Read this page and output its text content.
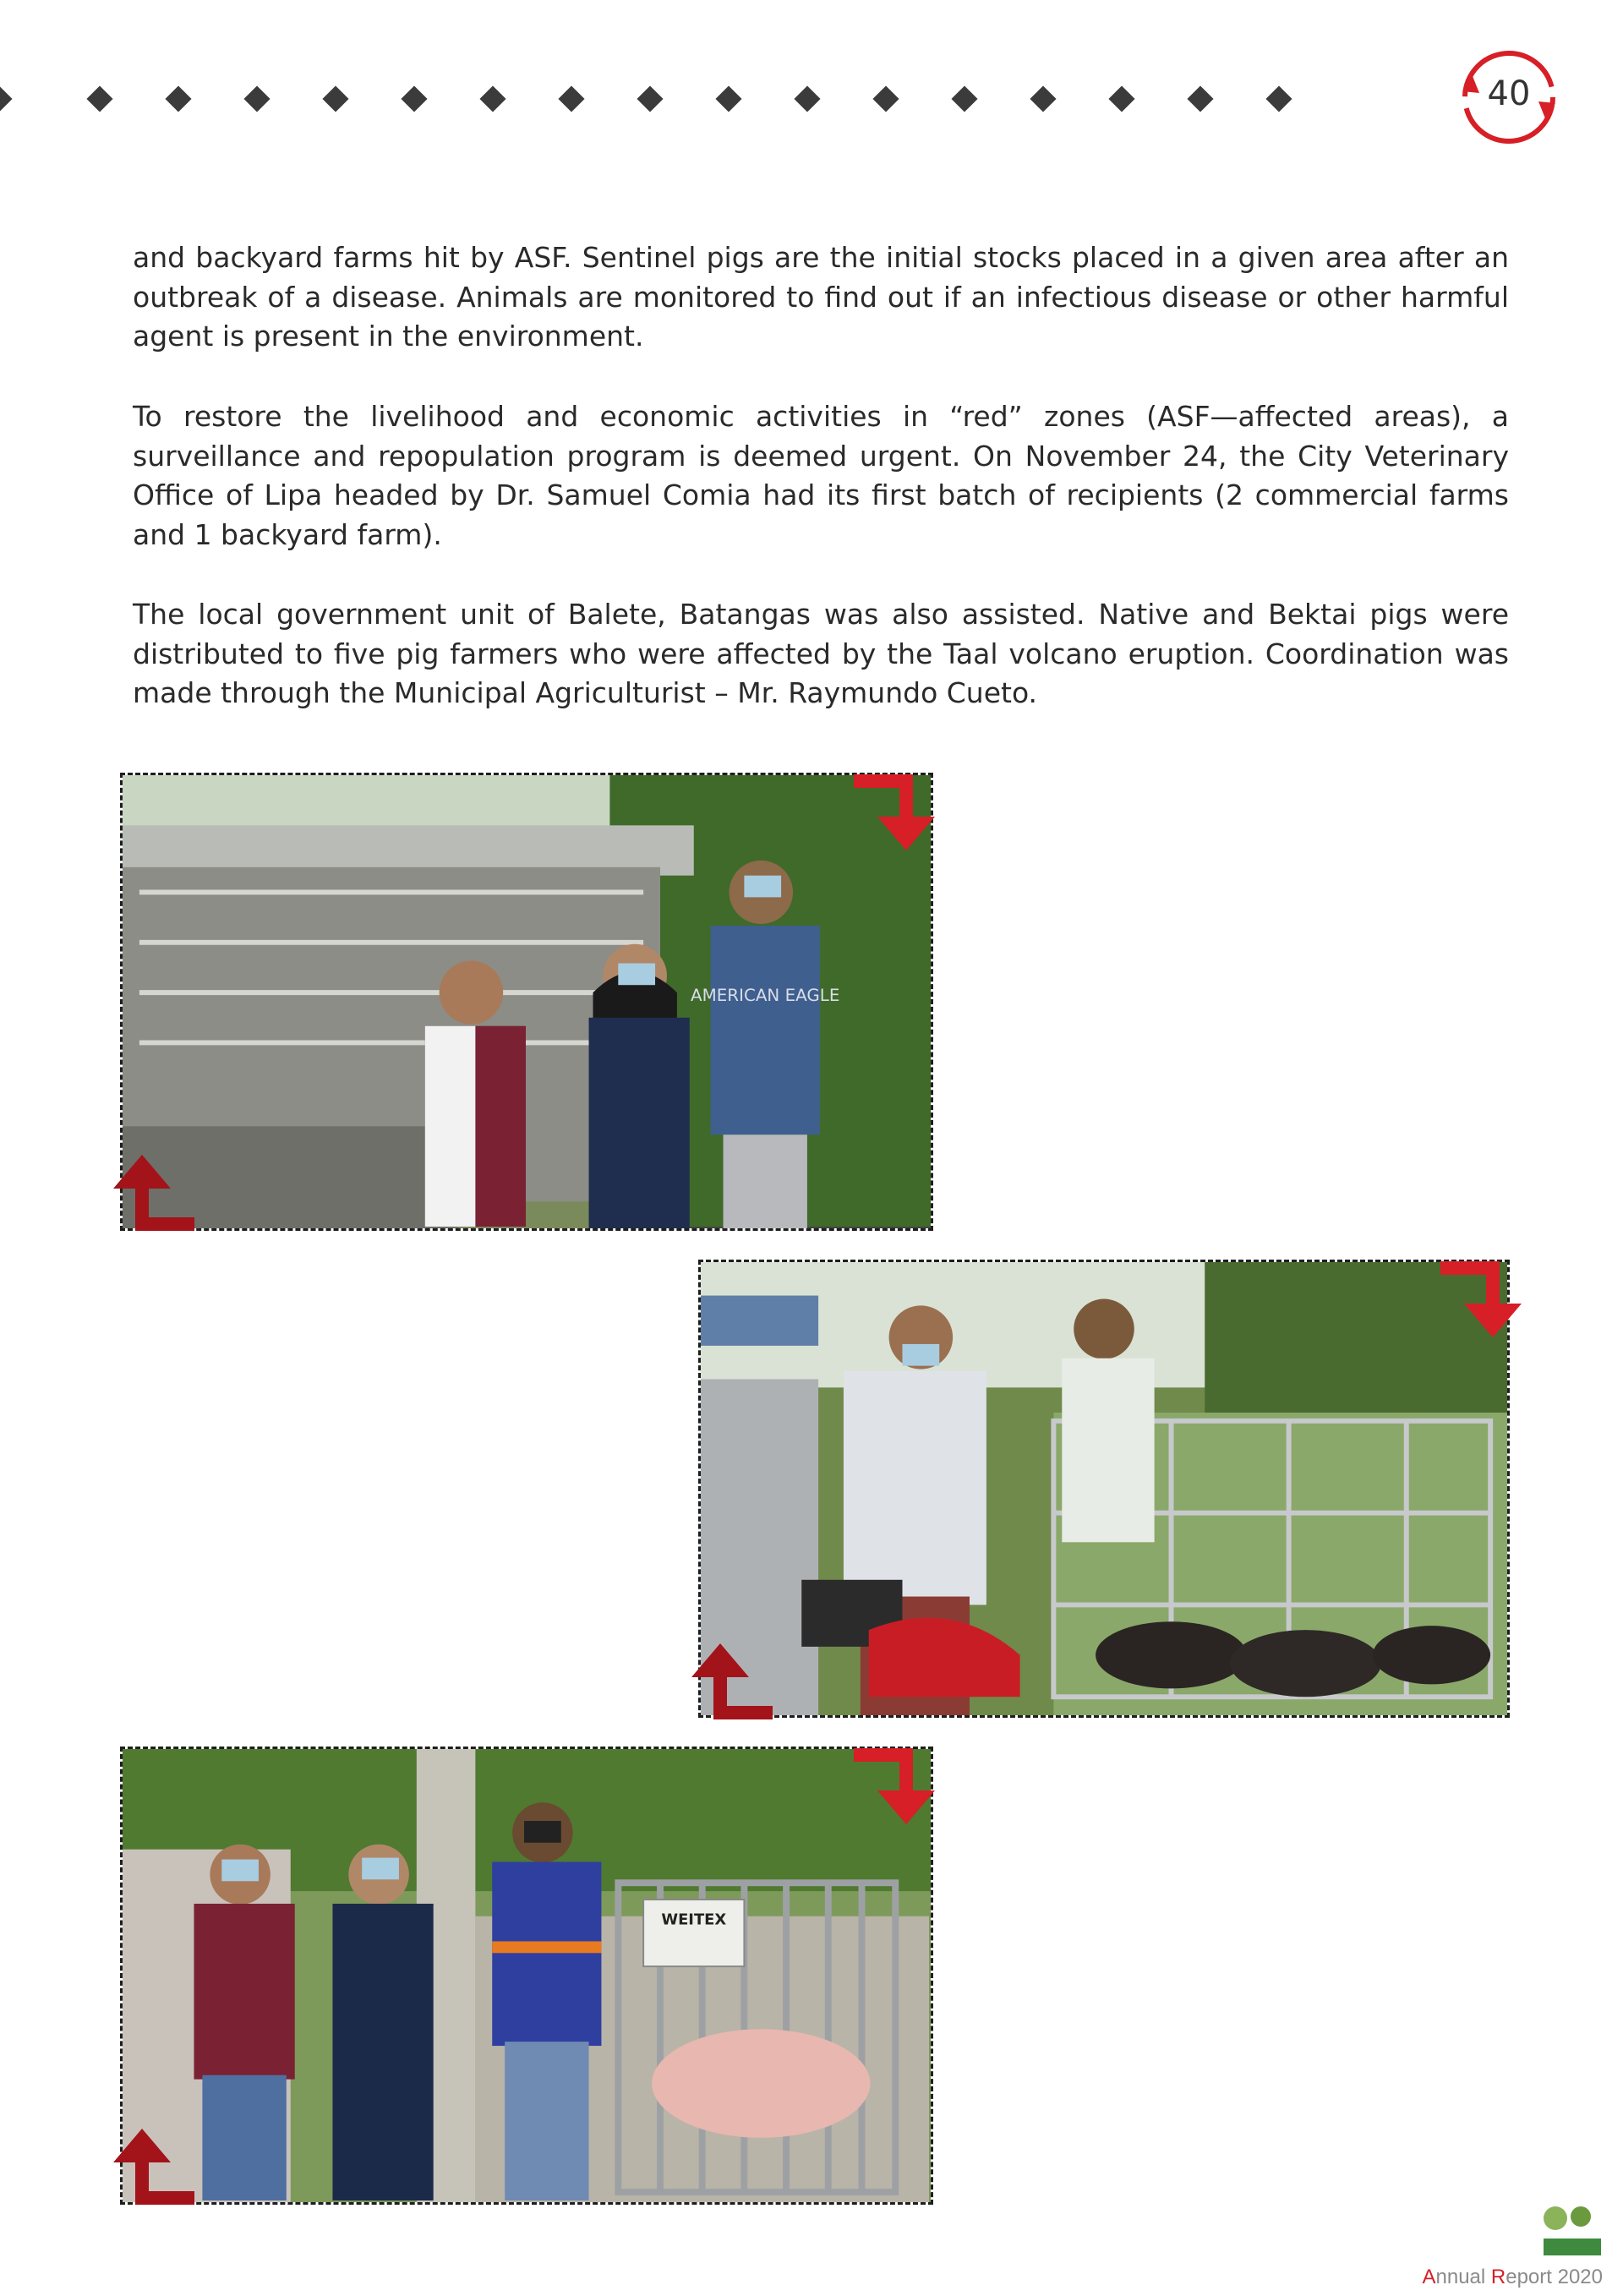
40

and backyard farms hit by ASF. Sentinel pigs are the initial stocks placed in a given area after an outbreak of a disease. Animals are monitored to find out if an infectious disease or other harmful agent is present in the environment.

To restore the livelihood and economic activities in “red” zones (ASF—affected areas), a surveillance and repopulation program is deemed urgent. On November 24, the City Veterinary Office of Lipa headed by Dr. Samuel Comia had its first batch of recipients (2 commercial farms and 1 backyard farm).

The local government unit of Balete, Batangas was also assisted. Native and Bektai pigs were distributed to five pig farmers who were affected by the Taal volcano eruption. Coordination was made through the Municipal Agriculturist – Mr. Raymundo Cueto.

AMERICAN EAGLE
WEITEX
Annual Report 2020
